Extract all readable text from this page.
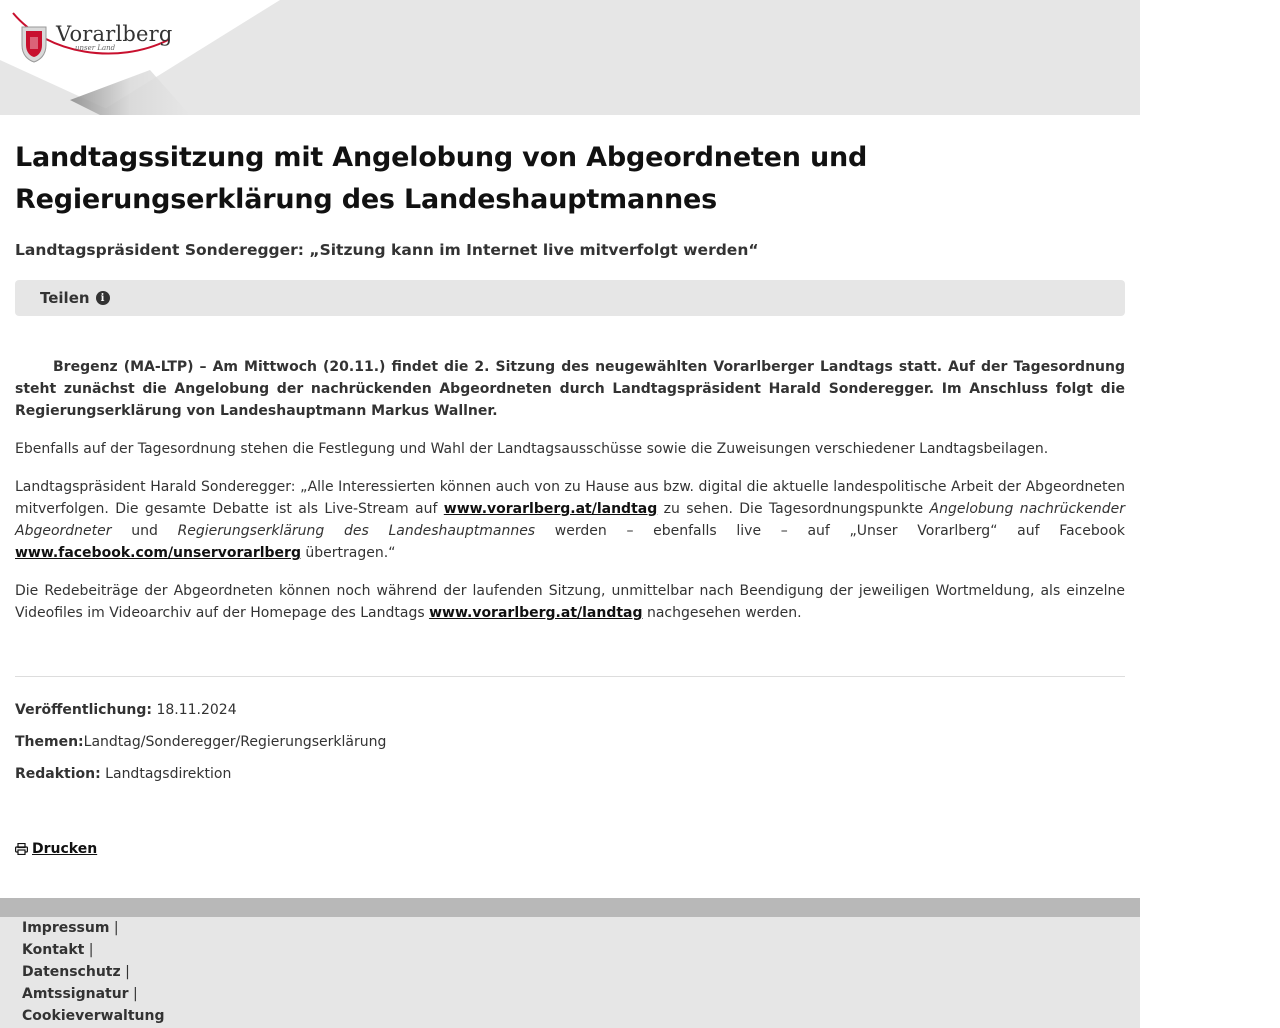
Vorarlberg
unser Land
Landtagssitzung mit Angelobung von Abgeordneten und Regierungserklärung des Landeshauptmannes
Landtagspräsident Sonderegger: „Sitzung kann im Internet live mitverfolgt werden“
Teilen	i
Bregenz (MA-LTP) – Am Mittwoch (20.11.) findet die 2. Sitzung des neugewählten Vorarlberger Landtags statt. Auf der Tagesordnung steht zunächst die Angelobung der nachrückenden Abgeordneten durch Landtagspräsident Harald Sonderegger. Im Anschluss folgt die Regierungserklärung von Landeshauptmann Markus Wallner.
Ebenfalls auf der Tagesordnung stehen die Festlegung und Wahl der Landtagsausschüsse sowie die Zuweisungen verschiedener Landtagsbeilagen.
Landtagspräsident Harald Sonderegger: „Alle Interessierten können auch von zu Hause aus bzw. digital die aktuelle landespolitische Arbeit der Abgeordneten mitverfolgen. Die gesamte Debatte ist als Live-Stream auf www.vorarlberg.at/landtag zu sehen. Die Tagesordnungspunkte Angelobung nachrückender Abgeordneter und Regierungserklärung des Landeshauptmannes werden – ebenfalls live – auf „Unser Vorarlberg“ auf Facebook www.facebook.com/unservorarlberg übertragen.“
Die Redebeiträge der Abgeordneten können noch während der laufenden Sitzung, unmittelbar nach Beendigung der jeweiligen Wortmeldung, als einzelne Videofiles im Videoarchiv auf der Homepage des Landtags www.vorarlberg.at/landtag nachgesehen werden.
Veröffentlichung: 18.11.2024
Themen:Landtag/Sonderegger/Regierungserklärung
Redaktion: Landtagsdirektion
Drucken
Impressum |
Kontakt |
Datenschutz |
Amtssignatur |
Cookieverwaltung
